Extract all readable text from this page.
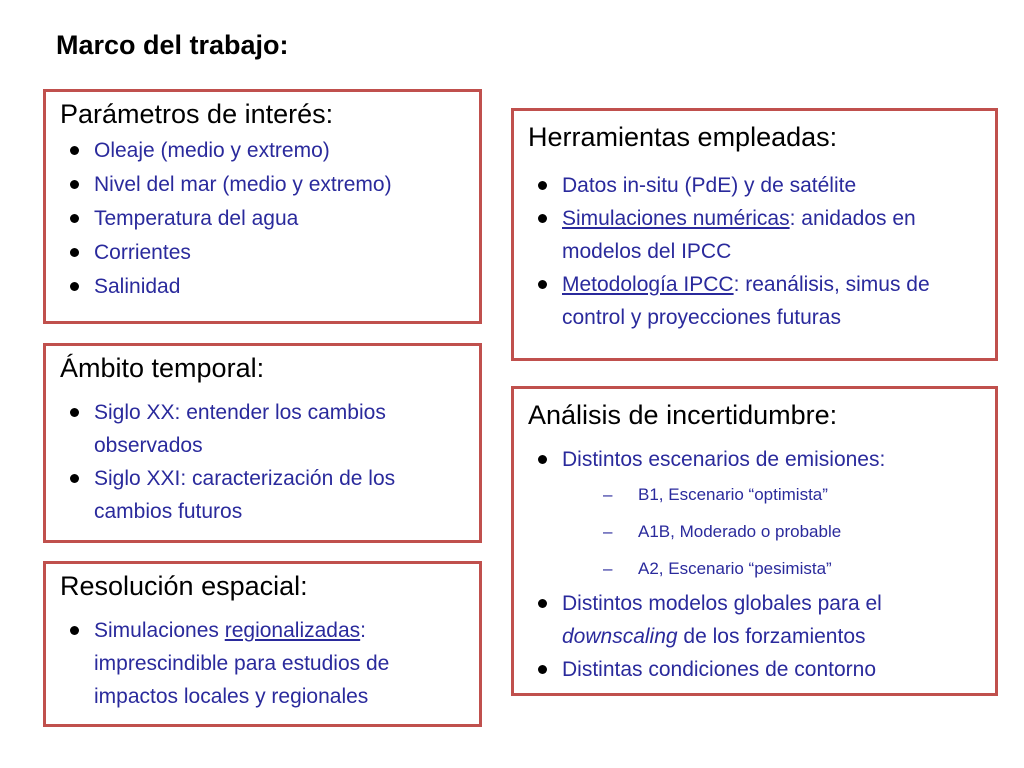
Marco del trabajo:
Parámetros de interés:
Oleaje (medio y extremo)
Nivel del mar (medio y extremo)
Temperatura del agua
Corrientes
Salinidad
Ámbito temporal:
Siglo XX: entender los cambios observados
Siglo XXI: caracterización de los cambios futuros
Resolución espacial:
Simulaciones regionalizadas: imprescindible para estudios de impactos locales y regionales
Herramientas empleadas:
Datos in-situ (PdE) y de satélite
Simulaciones numéricas: anidados en modelos del IPCC
Metodología IPCC: reanálisis, simus de control y proyecciones futuras
Análisis de incertidumbre:
Distintos escenarios de emisiones:
– B1, Escenario “optimista”
– A1B, Moderado o probable
– A2, Escenario “pesimista”
Distintos modelos globales para el downscaling de los forzamientos
Distintas condiciones de contorno
